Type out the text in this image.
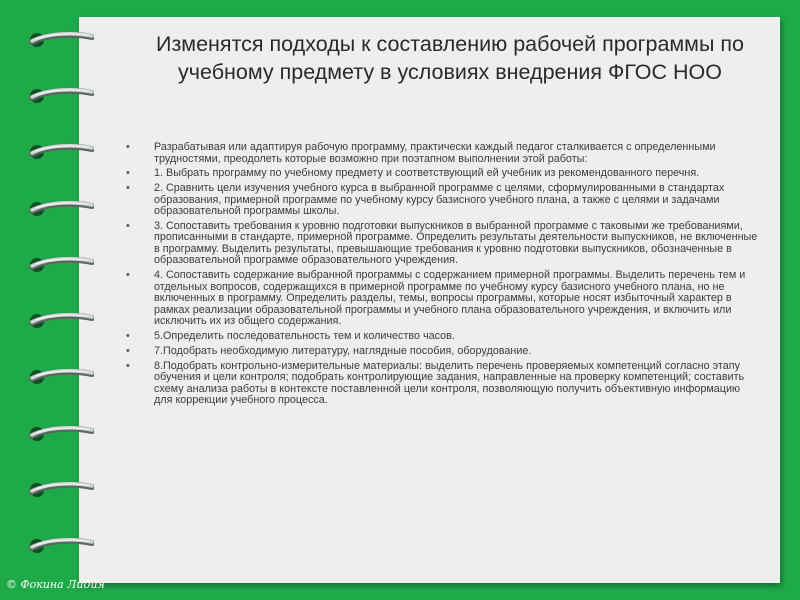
Изменятся подходы к составлению рабочей программы по учебному предмету в условиях внедрения ФГОС НОО
• Разрабатывая или адаптируя рабочую программу, практически каждый педагог сталкивается с определенными трудностями, преодолеть которые возможно при поэтапном выполнении этой работы:
• 1. Выбрать программу по учебному предмету и соответствующий ей учебник из рекомендованного перечня.
• 2. Сравнить цели изучения учебного курса в выбранной программе с целями, сформулированными в стандартах образования, примерной программе по учебному курсу базисного учебного плана, а также с целями и задачами образовательной программы школы.
• 3. Сопоставить требования к уровню подготовки выпускников в выбранной программе с таковыми же требованиями, прописанными в стандарте, примерной программе. Определить результаты деятельности выпускников, не включенные в программу. Выделить результаты, превышающие требования к уровню подготовки выпускников, обозначенные в образовательной программе образовательного учреждения.
• 4. Сопоставить содержание выбранной программы с содержанием примерной программы. Выделить перечень тем и отдельных вопросов, содержащихся в примерной программе по учебному курсу базисного учебного плана, но не включенных в программу. Определить разделы, темы, вопросы программы, которые носят избыточный характер в рамках реализации образовательной программы и учебного плана образовательного учреждения, и включить или исключить их из общего содержания.
• 5.Определить последовательность тем и количество часов.
• 7.Подобрать необходимую литературу, наглядные пособия, оборудование.
• 8.Подобрать контрольно-измерительные материалы: выделить перечень проверяемых компетенций согласно этапу обучения и цели контроля; подобрать контролирующие задания, направленные на проверку компетенций; составить схему анализа работы в контексте поставленной цели контроля, позволяющую получить объективную информацию для коррекции учебного процесса.
© Фокина Лидия
